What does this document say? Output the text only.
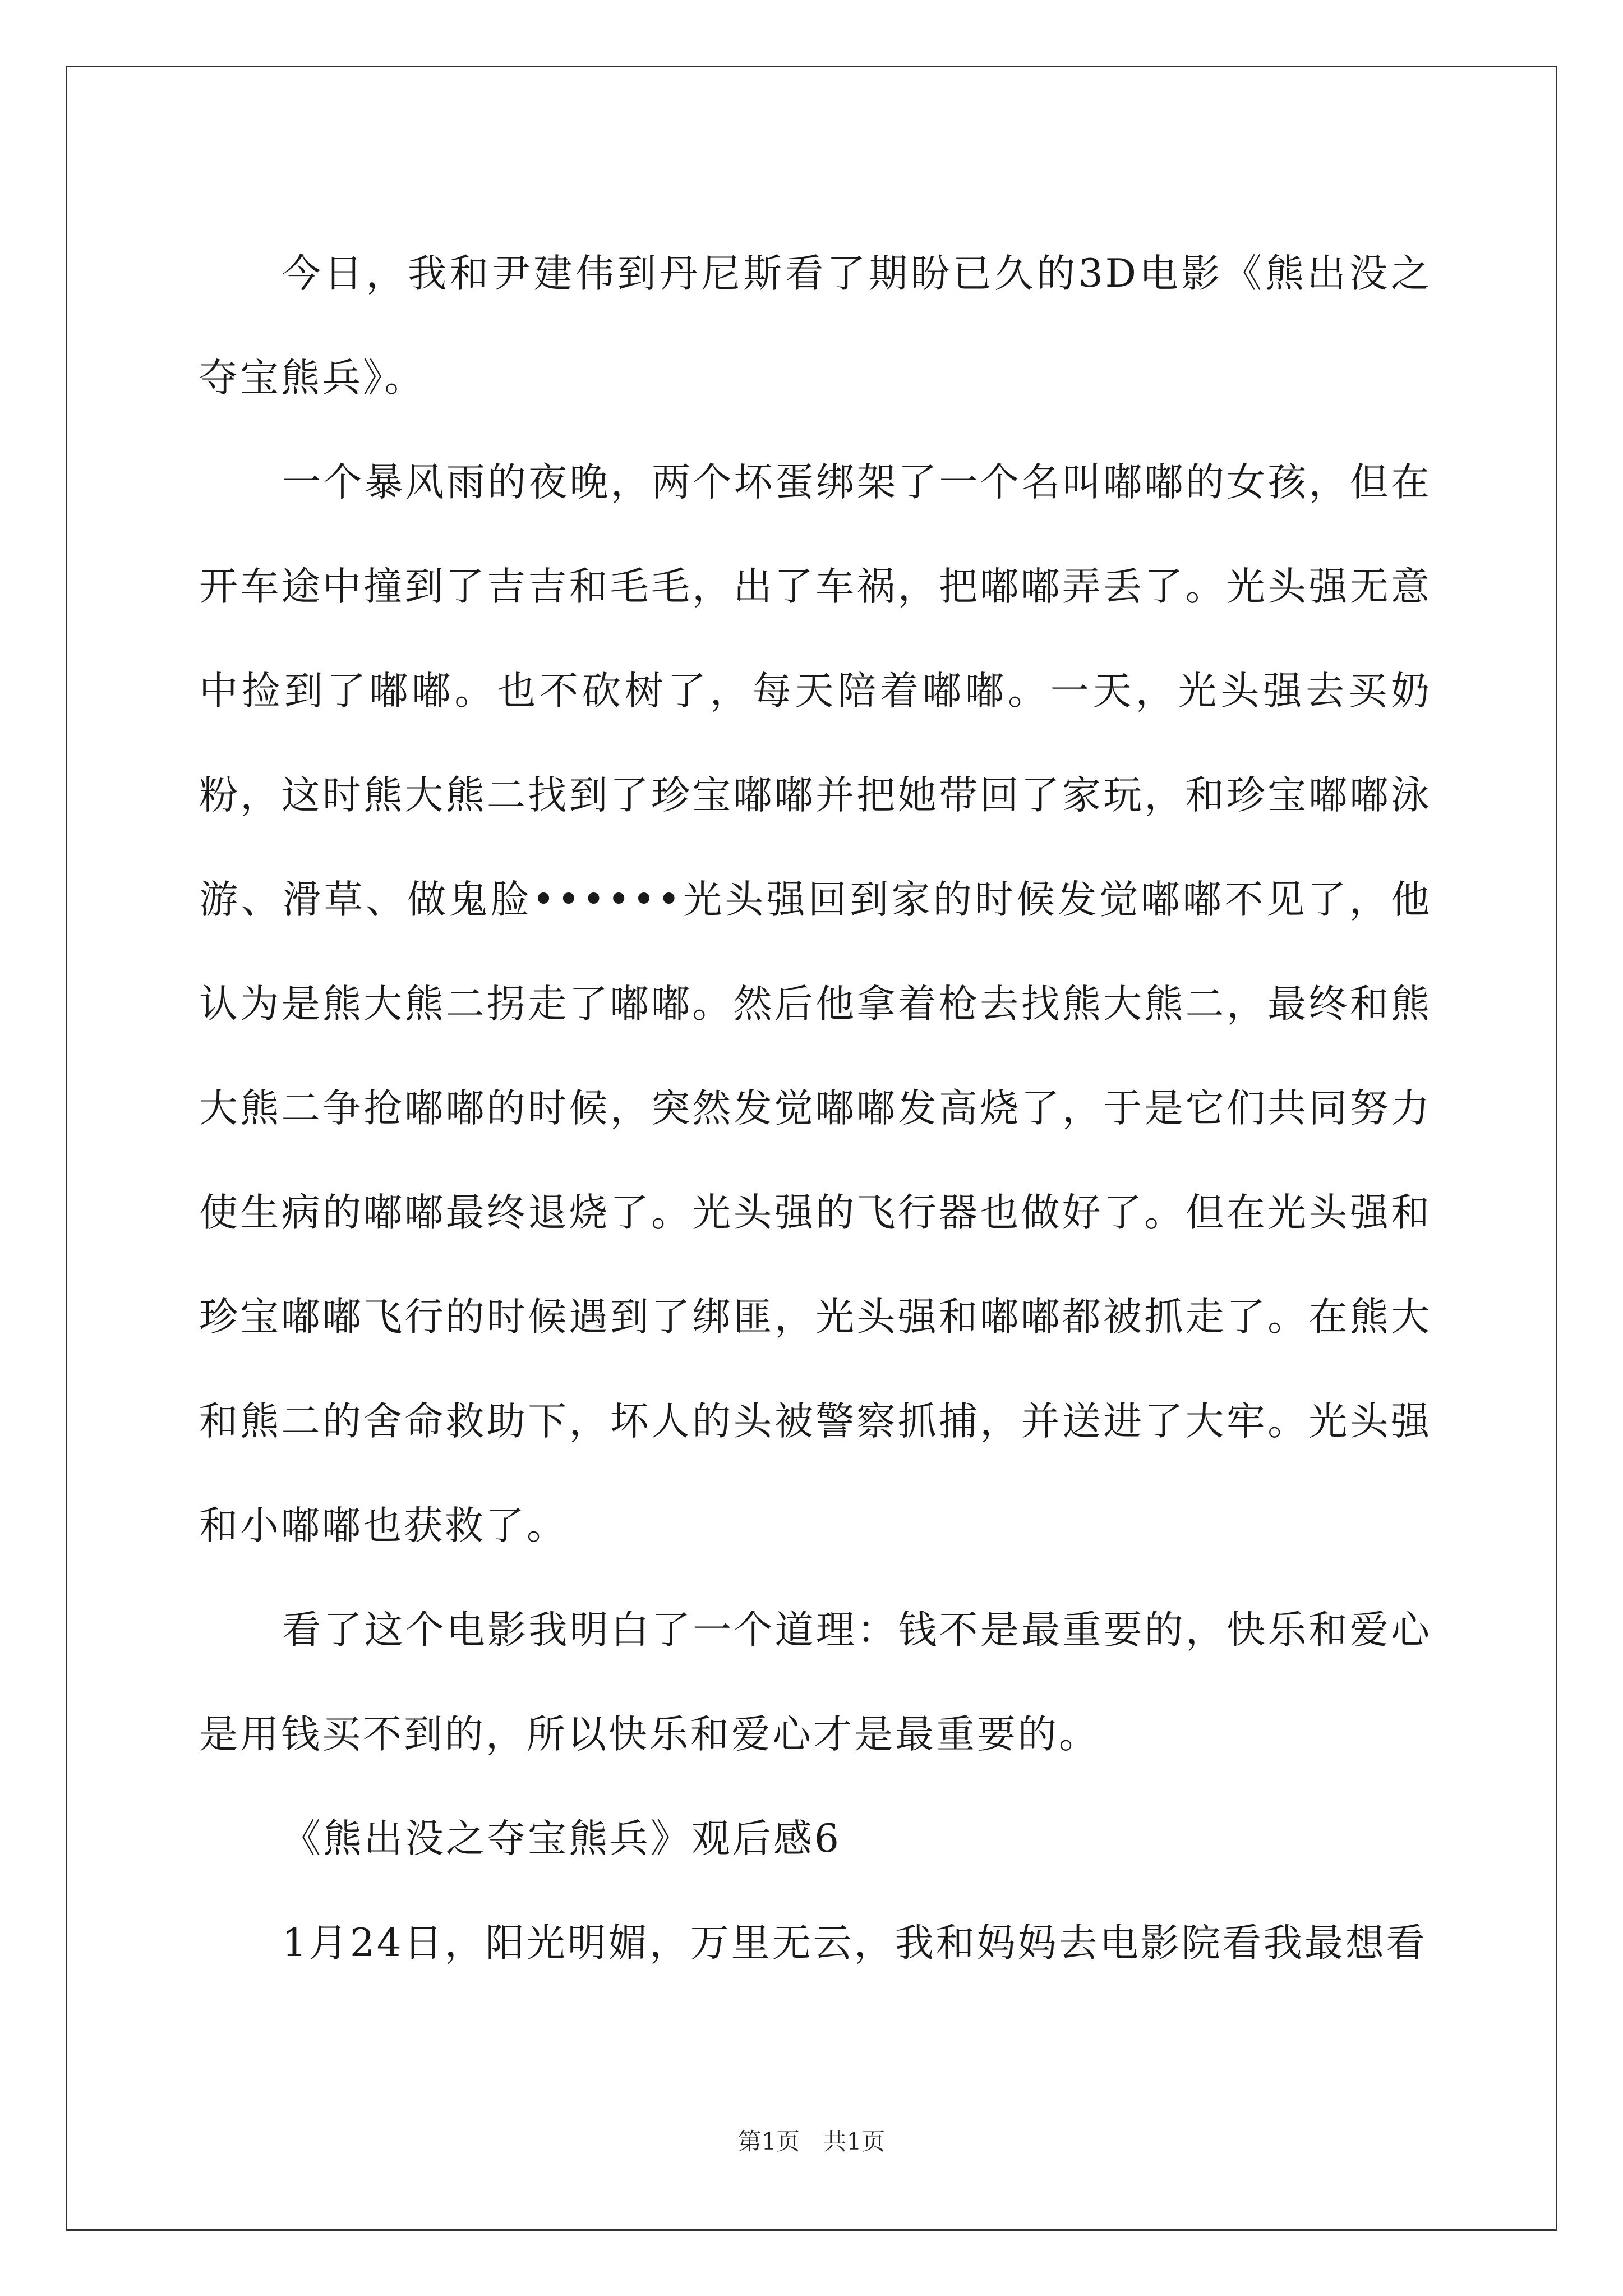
今日，我和尹建伟到丹尼斯看了期盼已久的3D电影《熊出没之夺宝熊兵》。

一个暴风雨的夜晚，两个坏蛋绑架了一个名叫嘟嘟的女孩，但在开车途中撞到了吉吉和毛毛，出了车祸，把嘟嘟弄丢了。光头强无意中捡到了嘟嘟。也不砍树了，每天陪着嘟嘟。一天，光头强去买奶粉，这时熊大熊二找到了珍宝嘟嘟并把她带回了家玩，和珍宝嘟嘟泳游、滑草、做鬼脸••••••光头强回到家的时候发觉嘟嘟不见了，他认为是熊大熊二拐走了嘟嘟。然后他拿着枪去找熊大熊二，最终和熊大熊二争抢嘟嘟的时候，突然发觉嘟嘟发高烧了，于是它们共同努力使生病的嘟嘟最终退烧了。光头强的飞行器也做好了。但在光头强和珍宝嘟嘟飞行的时候遇到了绑匪，光头强和嘟嘟都被抓走了。在熊大和熊二的舍命救助下，坏人的头被警察抓捕，并送进了大牢。光头强和小嘟嘟也获救了。

看了这个电影我明白了一个道理：钱不是最重要的，快乐和爱心是用钱买不到的，所以快乐和爱心才是最重要的。

《熊出没之夺宝熊兵》观后感6

1月24日，阳光明媚，万里无云，我和妈妈去电影院看我最想看

第1页 共1页
